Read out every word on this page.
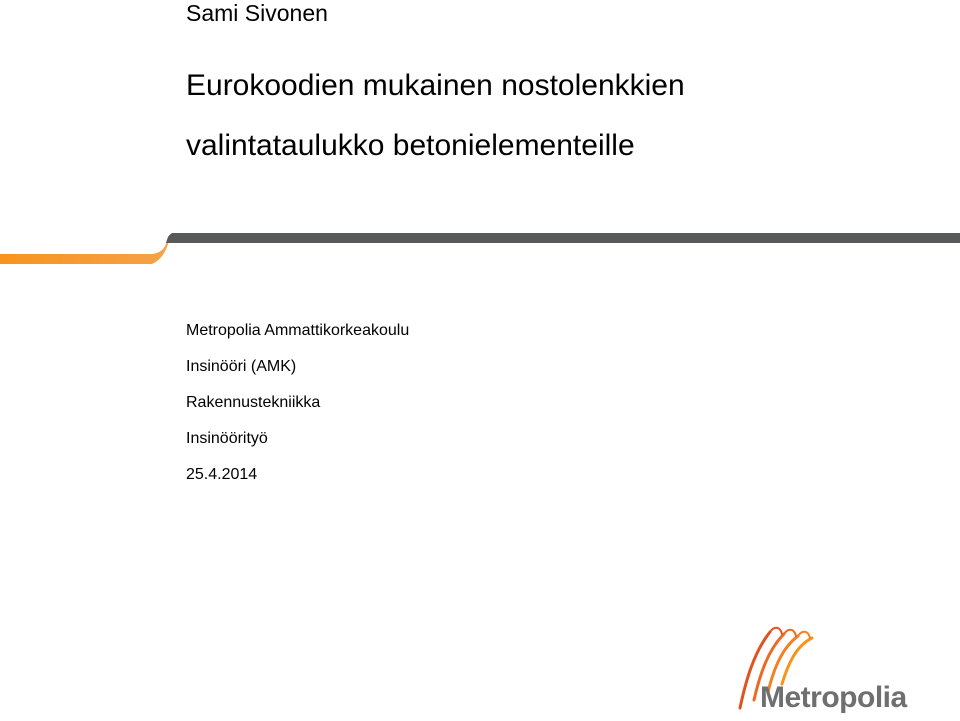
Sami Sivonen
Eurokoodien mukainen nostolenkkien
valintataulukko betonielementeille
Metropolia Ammattikorkeakoulu
Insinööri (AMK)
Rakennustekniikka
Insinöörityö
25.4.2014
Metropolia
